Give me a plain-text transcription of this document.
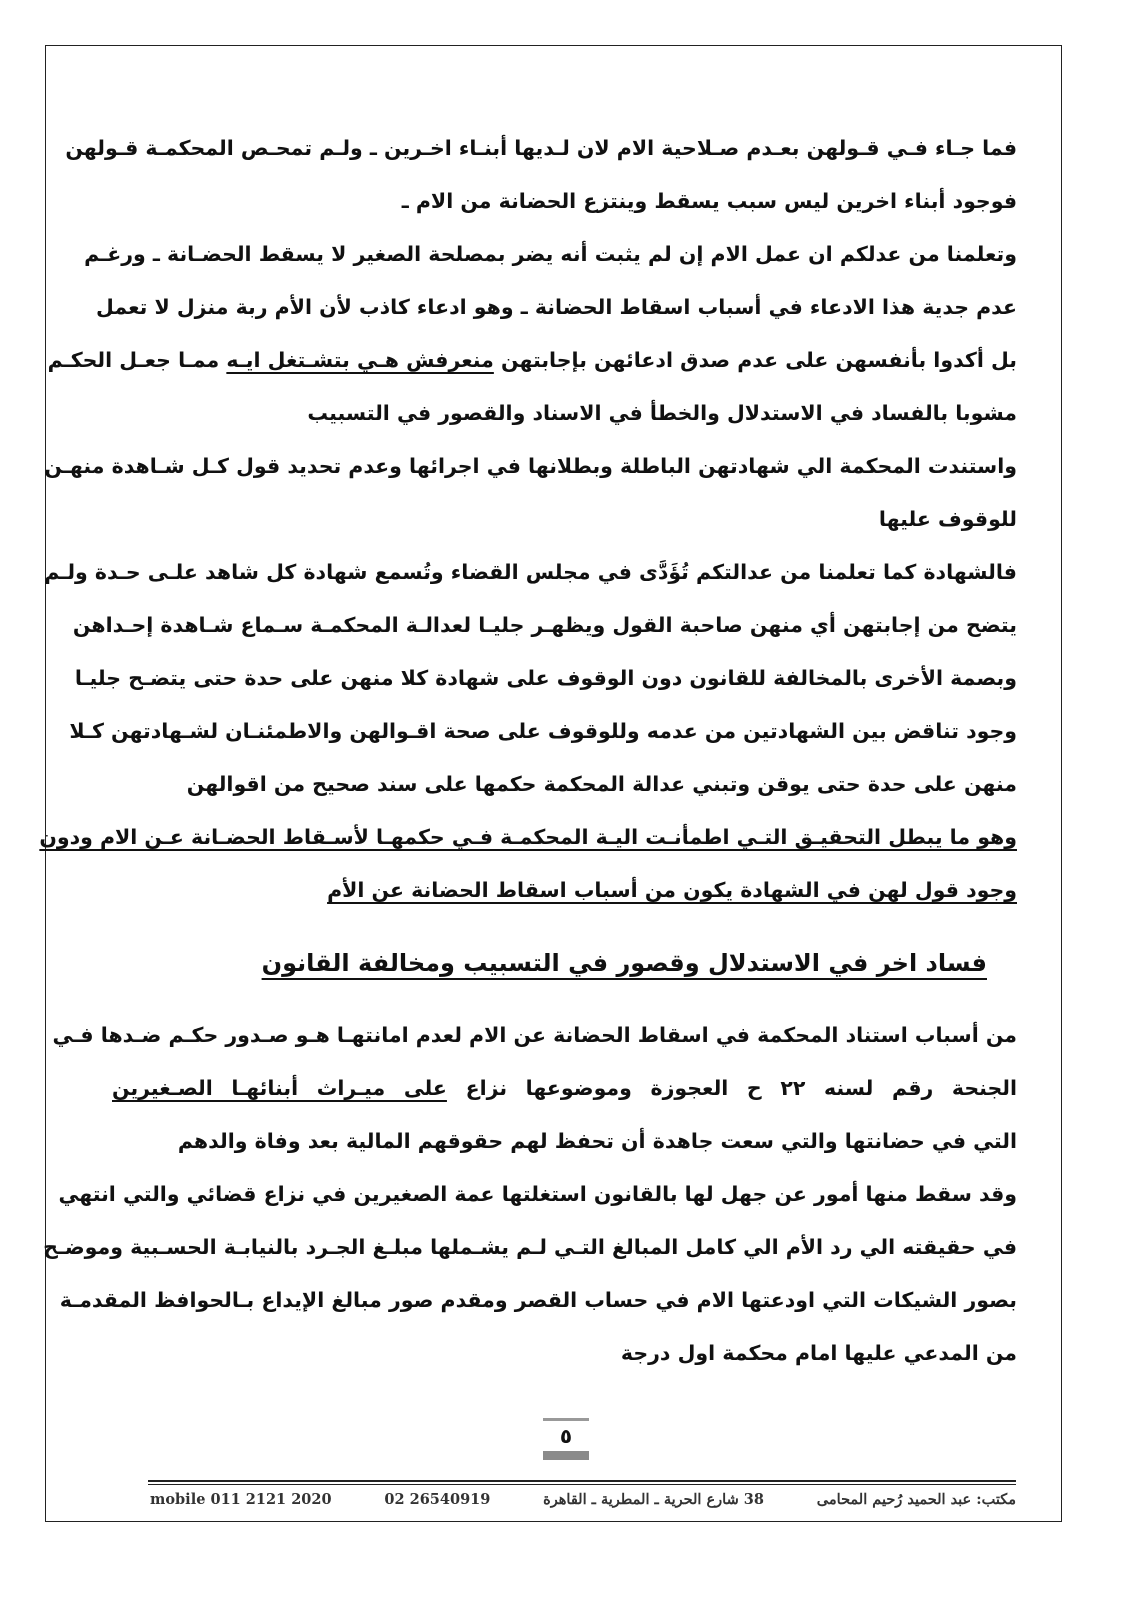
فما جـاء فـي قـولهن بعـدم صـلاحية الام لان لـديها أبنـاء اخـرين ـ ولـم تمحـص المحكمـة قـولهن
فوجود أبناء اخرين ليس سبب يسقط وينتزع الحضانة من الام ـ
وتعلمنا من عدلكم ان عمل الام إن لم يثبت أنه يضر بمصلحة الصغير لا يسقط الحضـانة ـ ورغـم
عدم جدية هذا الادعاء في أسباب اسقاط الحضانة ـ وهو ادعاء كاذب لأن الأم ربة منزل لا تعمل
بل أكدوا بأنفسهن على عدم صدق ادعائهن بإجابتهن منعرفش هـي بتشـتغل ايـه ممـا جعـل الحكـم
مشوبا بالفساد في الاستدلال والخطأ في الاسناد والقصور في التسبيب
واستندت المحكمة الي شهادتهن الباطلة وبطلانها في اجرائها وعدم تحديد قول كـل شـاهدة منهـن
للوقوف عليها
فالشهادة كما تعلمنا من عدالتكم تُؤَدَّى في مجلس القضاء وتُسمع شهادة كل شاهد علـى حـدة ولـم
يتضح من إجابتهن أي منهن صاحبة القول ويظهـر جليـا لعدالـة المحكمـة سـماع شـاهدة إحـداهن
وبصمة الأخرى بالمخالفة للقانون دون الوقوف على شهادة كلا منهن على حدة حتى يتضـح جليـا
وجود تناقض بين الشهادتين من عدمه وللوقوف على صحة اقـوالهن والاطمئنـان لشـهادتهن كـلا
منهن على حدة حتى يوقن وتبني عدالة المحكمة حكمها على سند صحيح من اقوالهن
وهو ما يبطل التحقيـق التـي اطمأنـت اليـة المحكمـة فـي حكمهـا لأسـقاط الحضـانة عـن الام ودون
وجود قول لهن في الشهادة يكون من أسباب اسقاط الحضانة عن الأم
فساد اخر في الاستدلال وقصور في التسبيب ومخالفة القانون
من أسباب استناد المحكمة في اسقاط الحضانة عن الام لعدم امانتهـا هـو صـدور حكـم ضـدها فـي
الجنحة رقم لسنه ٢٢ ح العجوزة وموضوعها نزاع على ميـراث أبنائهـا الصـغيرين
التي في حضانتها والتي سعت جاهدة أن تحفظ لهم حقوقهم المالية بعد وفاة والدهم
وقد سقط منها أمور عن جهل لها بالقانون استغلتها عمة الصغيرين في نزاع قضائي والتي انتهي
في حقيقته الي رد الأم الي كامل المبالغ التـي لـم يشـملها مبلـغ الجـرد بالنيابـة الحسـبية وموضـح
بصور الشيكات التي اودعتها الام في حساب القصر ومقدم صور مبالغ الإيداع بـالحوافظ المقدمـة
من المدعي عليها امام محكمة اول درجة
٥
مكتب: عبد الحميد رُحيم المحامى
38 شارع الحرية ـ المطرية ـ القاهرة
02 26540919
mobile 011 2121 2020
